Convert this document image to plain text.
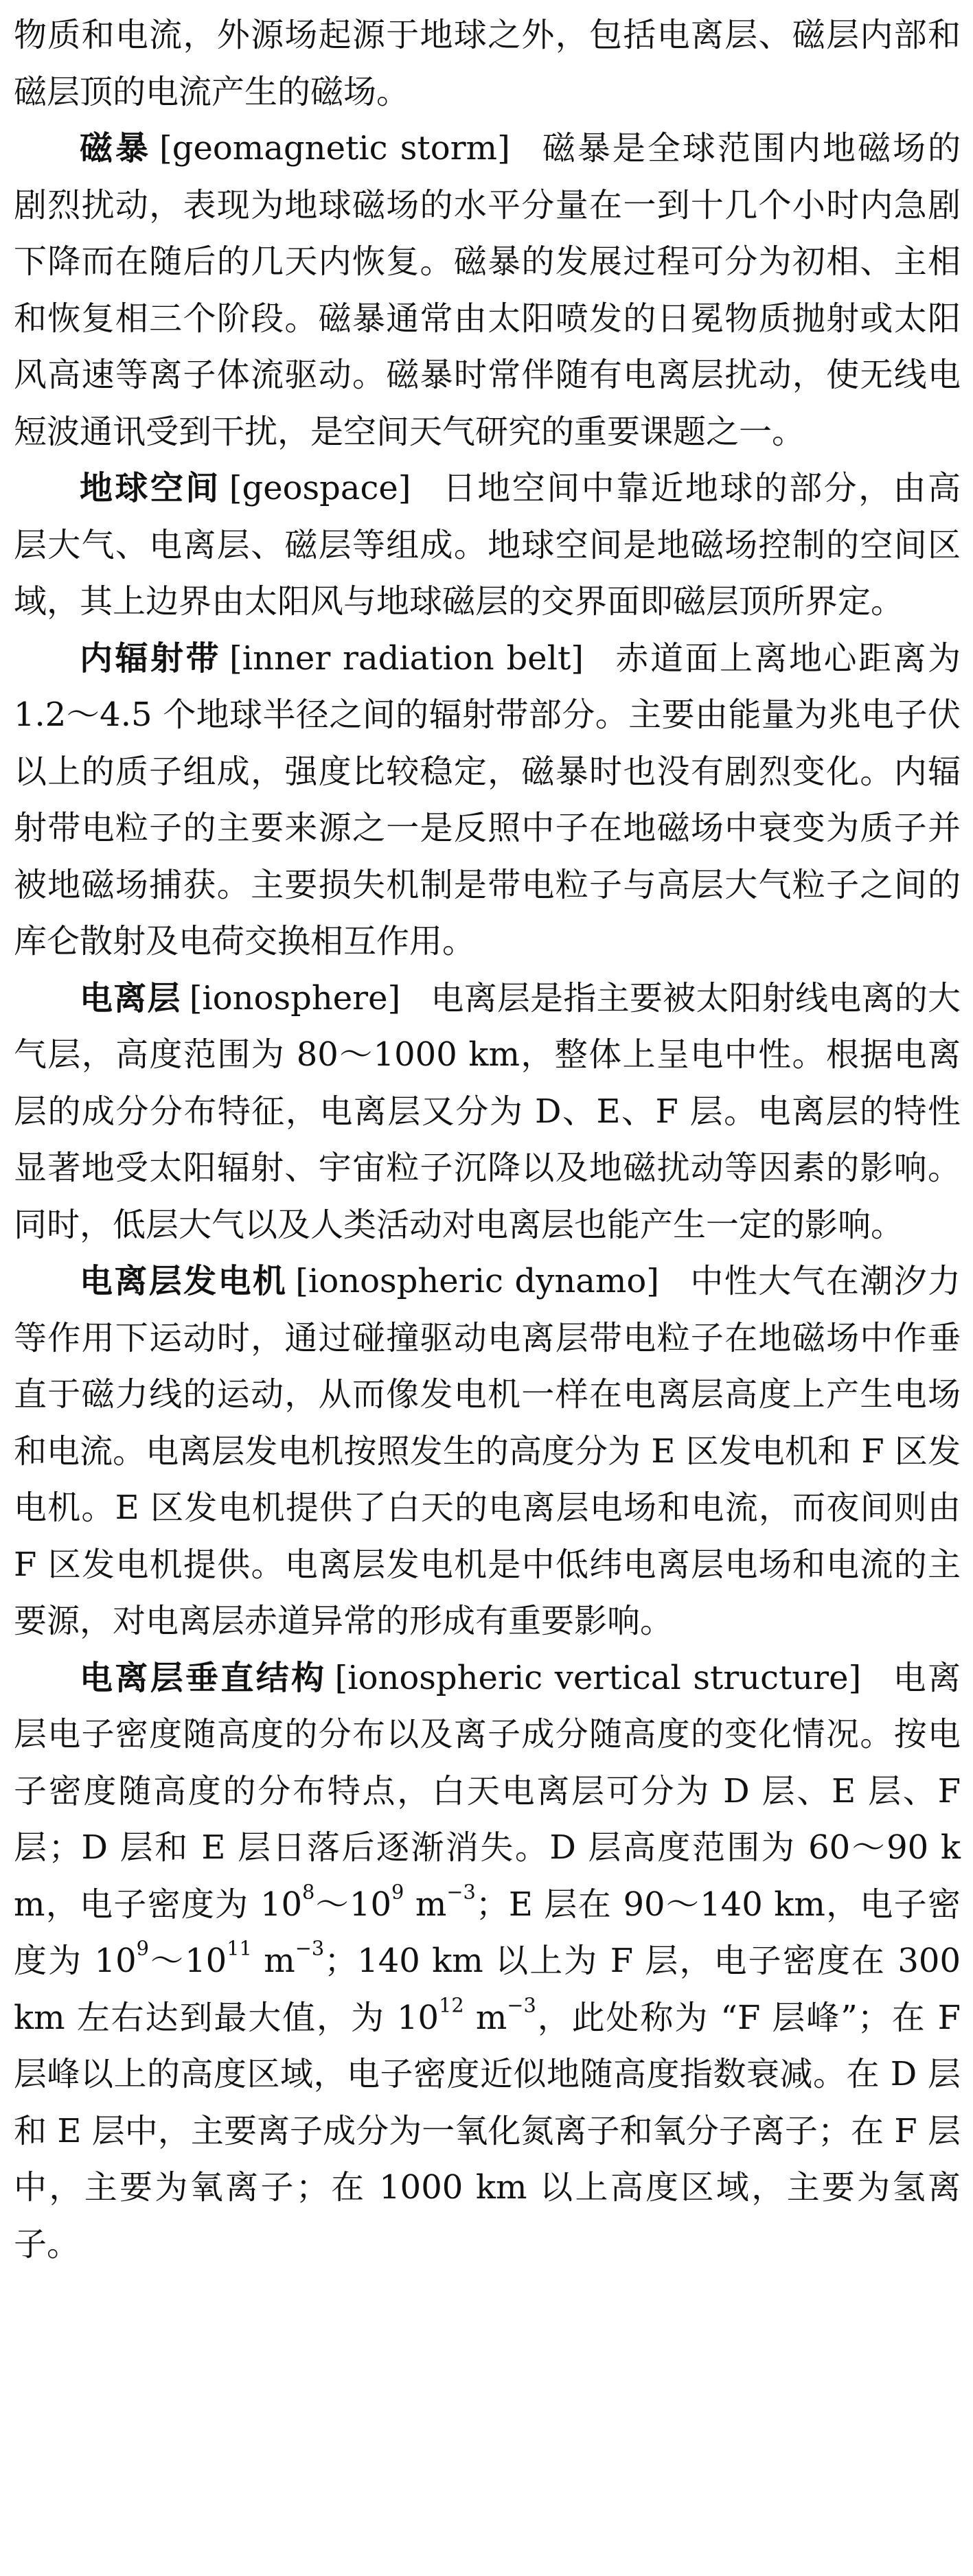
物质和电流，外源场起源于地球之外，包括电离层、磁层内部和磁层顶的电流产生的磁场。

磁暴 [geomagnetic storm] 磁暴是全球范围内地磁场的剧烈扰动，表现为地球磁场的水平分量在一到十几个小时内急剧下降而在随后的几天内恢复。磁暴的发展过程可分为初相、主相和恢复相三个阶段。磁暴通常由太阳喷发的日冕物质抛射或太阳风高速等离子体流驱动。磁暴时常伴随有电离层扰动，使无线电短波通讯受到干扰，是空间天气研究的重要课题之一。

地球空间 [geospace] 日地空间中靠近地球的部分，由高层大气、电离层、磁层等组成。地球空间是地磁场控制的空间区域，其上边界由太阳风与地球磁层的交界面即磁层顶所界定。

内辐射带 [inner radiation belt] 赤道面上离地心距离为 1.2～4.5 个地球半径之间的辐射带部分。主要由能量为兆电子伏以上的质子组成，强度比较稳定，磁暴时也没有剧烈变化。内辐射带电粒子的主要来源之一是反照中子在地磁场中衰变为质子并被地磁场捕获。主要损失机制是带电粒子与高层大气粒子之间的库仑散射及电荷交换相互作用。

电离层 [ionosphere] 电离层是指主要被太阳射线电离的大气层，高度范围为 80～1000 km，整体上呈电中性。根据电离层的成分分布特征，电离层又分为 D、E、F 层。电离层的特性显著地受太阳辐射、宇宙粒子沉降以及地磁扰动等因素的影响。同时，低层大气以及人类活动对电离层也能产生一定的影响。

电离层发电机 [ionospheric dynamo] 中性大气在潮汐力等作用下运动时，通过碰撞驱动电离层带电粒子在地磁场中作垂直于磁力线的运动，从而像发电机一样在电离层高度上产生电场和电流。电离层发电机按照发生的高度分为 E 区发电机和 F 区发电机。E 区发电机提供了白天的电离层电场和电流，而夜间则由 F 区发电机提供。电离层发电机是中低纬电离层电场和电流的主要源，对电离层赤道异常的形成有重要影响。

电离层垂直结构 [ionospheric vertical structure] 电离层电子密度随高度的分布以及离子成分随高度的变化情况。按电子密度随高度的分布特点，白天电离层可分为 D 层、E 层、F 层；D 层和 E 层日落后逐渐消失。D 层高度范围为 60～90 km，电子密度为 $10^8\sim 10^9$ $m^{-3}$；E 层在 90～140 km，电子密度为 $10^9\sim 10^{11}$ $m^{-3}$；140 km 以上为 F 层，电子密度在 300 km 左右达到最大值，为 $10^{12}$ $m^{-3}$，此处称为 “F 层峰”；在 F 层峰以上的高度区域，电子密度近似地随高度指数衰减。在 D 层和 E 层中，主要离子成分为一氧化氮离子和氧分子离子；在 F 层中，主要为氧离子；在 1000 km 以上高度区域，主要为氢离子。
